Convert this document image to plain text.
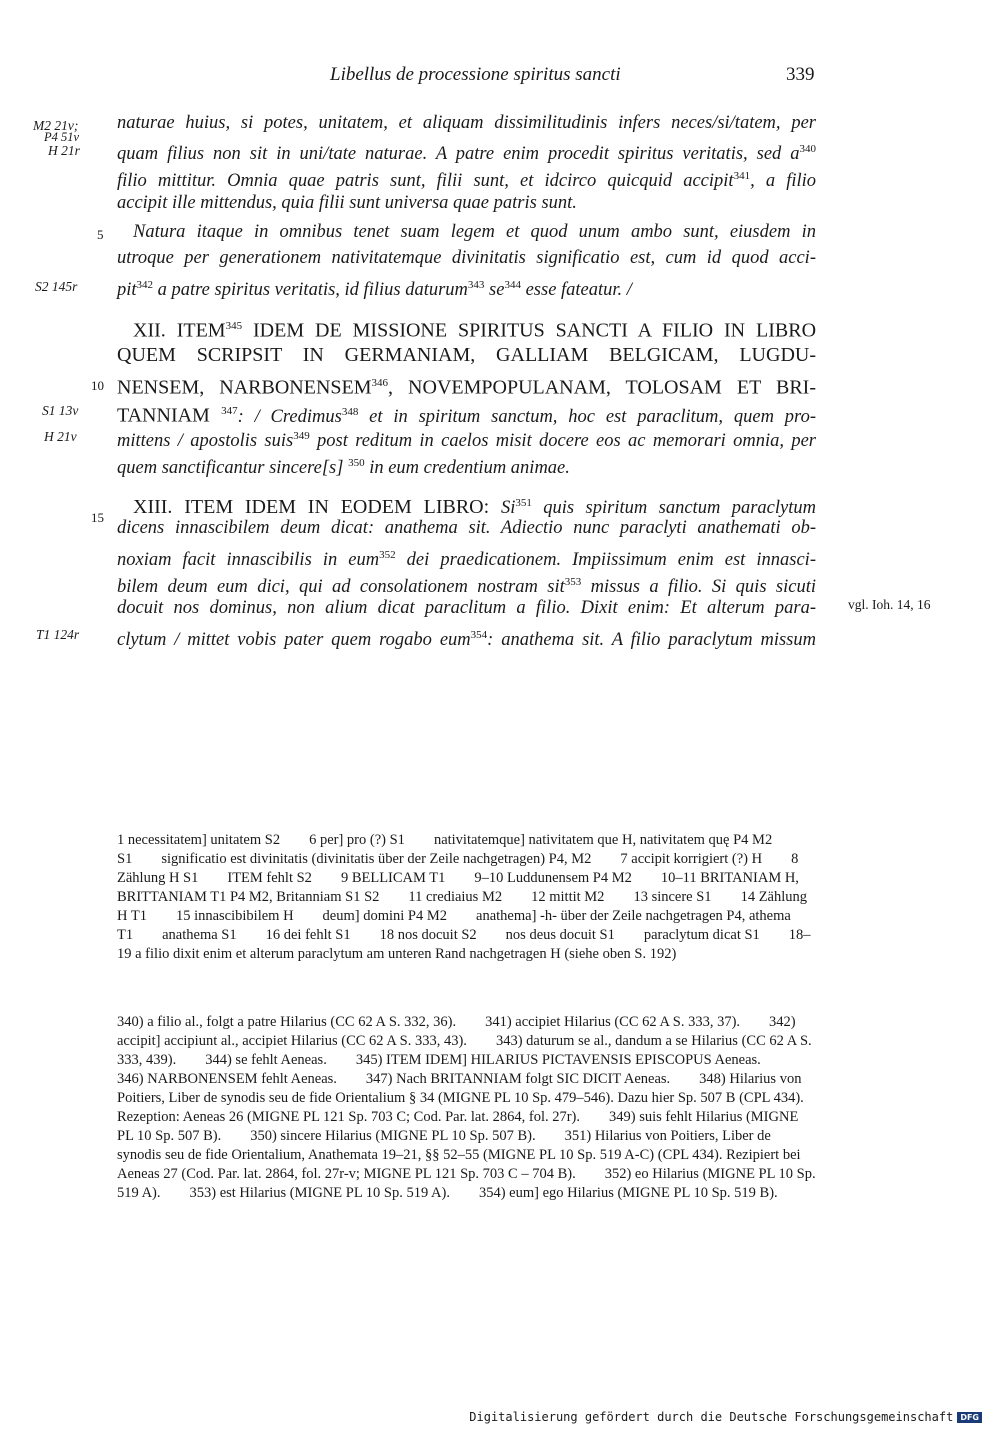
Libellus de processione spiritus sancti	339
M2 21v;
P4 51v
H 21r
S2 145r
S1 13v
H 21v
T1 124r
5
10
15
naturae huius, si potes, unitatem, et aliquam dissimilitudinis infers neces/si/tatem, per
quam filius non sit in uni/tate naturae. A patre enim procedit spiritus veritatis, sed $a^{340}$
filio mittitur. Omnia quae patris sunt, filii sunt, et idcirco quicquid accipit$^{341}$, a filio
accipit ille mittendus, quia filii sunt universa quae patris sunt.
Natura itaque in omnibus tenet suam legem et quod unum ambo sunt, eiusdem in
utroque per generationem nativitatemque divinitatis significatio est, cum id quod acci-
pit$^{342}$ a patre spiritus veritatis, id filius daturum$^{343}$ $se^{344}$ esse fateatur. /
XII. ITEM$^{345}$ IDEM DE MISSIONE SPIRITUS SANCTI A FILIO IN LIBRO
QUEM SCRIPSIT IN GERMANIAM, GALLIAM BELGICAM, LUGDU-
NENSEM, NARBONENSEM$^{346}$, NOVEMPOPULANAM, TOLOSAM ET BRI-
TANNIAM $^{347}$: / Credimus$^{348}$ et in spiritum sanctum, hoc est paraclitum, quem pro-
mittens / apostolis suis$^{349}$ post reditum in caelos misit docere eos ac memorari omnia, per
quem sanctificantur sincere[s] $^{350}$ in eum credentium animae.
XIII. ITEM IDEM IN EODEM LIBRO: Si$^{351}$ quis spiritum sanctum paraclytum
dicens innascibilem deum dicat: anathema sit. Adiectio nunc paraclyti anathemati ob-
noxiam facit innascibilis in eum$^{352}$ dei praedicationem. Impiissimum enim est innasci-
bilem deum eum dici, qui ad consolationem nostram sit$^{353}$ missus a filio. Si quis sicuti
docuit nos dominus, non alium dicat paraclitum a filio. Dixit enim: Et alterum para-
clytum / mittet vobis pater quem rogabo eum$^{354}$: anathema sit. A filio paraclytum missum
vgl. Ioh. 14, 16
1 necessitatem] unitatem S2   6 per] pro (?) S1   nativitatemque] nativitatem que H, nativitatem quę P4 M2 S1   significatio est divinitatis (divinitatis über der Zeile nachgetragen) P4, M2   7 accipit korrigiert (?) H   8 Zählung H S1   ITEM fehlt S2   9 BELLICAM T1   9–10 Luddunensem P4 M2   10–11 BRITANIAM H, BRITTANIAM T1 P4 M2, Britanniam S1 S2   11 crediaius M2   12 mittit M2   13 sincere S1   14 Zählung H T1   15 innascibibilem H   deum] domini P4 M2   anathema] -h- über der Zeile nachgetragen P4, athema T1   anathema S1   16 dei fehlt S1   18 nos docuit S2   nos deus docuit S1   paraclytum dicat S1   18–19 a filio dixit enim et alterum paraclytum am unteren Rand nachgetragen H (siehe oben S. 192)
340) a filio al., folgt a patre Hilarius (CC 62 A S. 332, 36).   341) accipiet Hilarius (CC 62 A S. 333, 37).   342) accipit] accipiunt al., accipiet Hilarius (CC 62 A S. 333, 43).   343) daturum se al., dandum a se Hilarius (CC 62 A S. 333, 439).   344) se fehlt Aeneas.   345) ITEM IDEM] HILARIUS PICTAVENSIS EPISCOPUS Aeneas.  346) NARBONENSEM fehlt Aeneas.   347) Nach BRITANNIAM folgt SIC DICIT Aeneas.   348) Hilarius von Poitiers, Liber de synodis seu de fide Orientalium § 34 (MIGNE PL 10 Sp. 479–546). Dazu hier Sp. 507 B (CPL 434). Rezeption: Aeneas 26 (MIGNE PL 121 Sp. 703 C; Cod. Par. lat. 2864, fol. 27r).   349) suis fehlt Hilarius (MIGNE PL 10 Sp. 507 B).   350) sincere Hilarius (MIGNE PL 10 Sp. 507 B).   351) Hilarius von Poitiers, Liber de synodis seu de fide Orientalium, Anathemata 19–21, §§ 52–55 (MIGNE PL 10 Sp. 519 A-C) (CPL 434). Rezipiert bei Aeneas 27 (Cod. Par. lat. 2864, fol. 27r-v; MIGNE PL 121 Sp. 703 C – 704 B).   352) eo Hilarius (MIGNE PL 10 Sp. 519 A).   353) est Hilarius (MIGNE PL 10 Sp. 519 A).   354) eum] ego Hilarius (MIGNE PL 10 Sp. 519 B).
Digitalisierung gefördert durch die Deutsche Forschungsgemeinschaft DFG
